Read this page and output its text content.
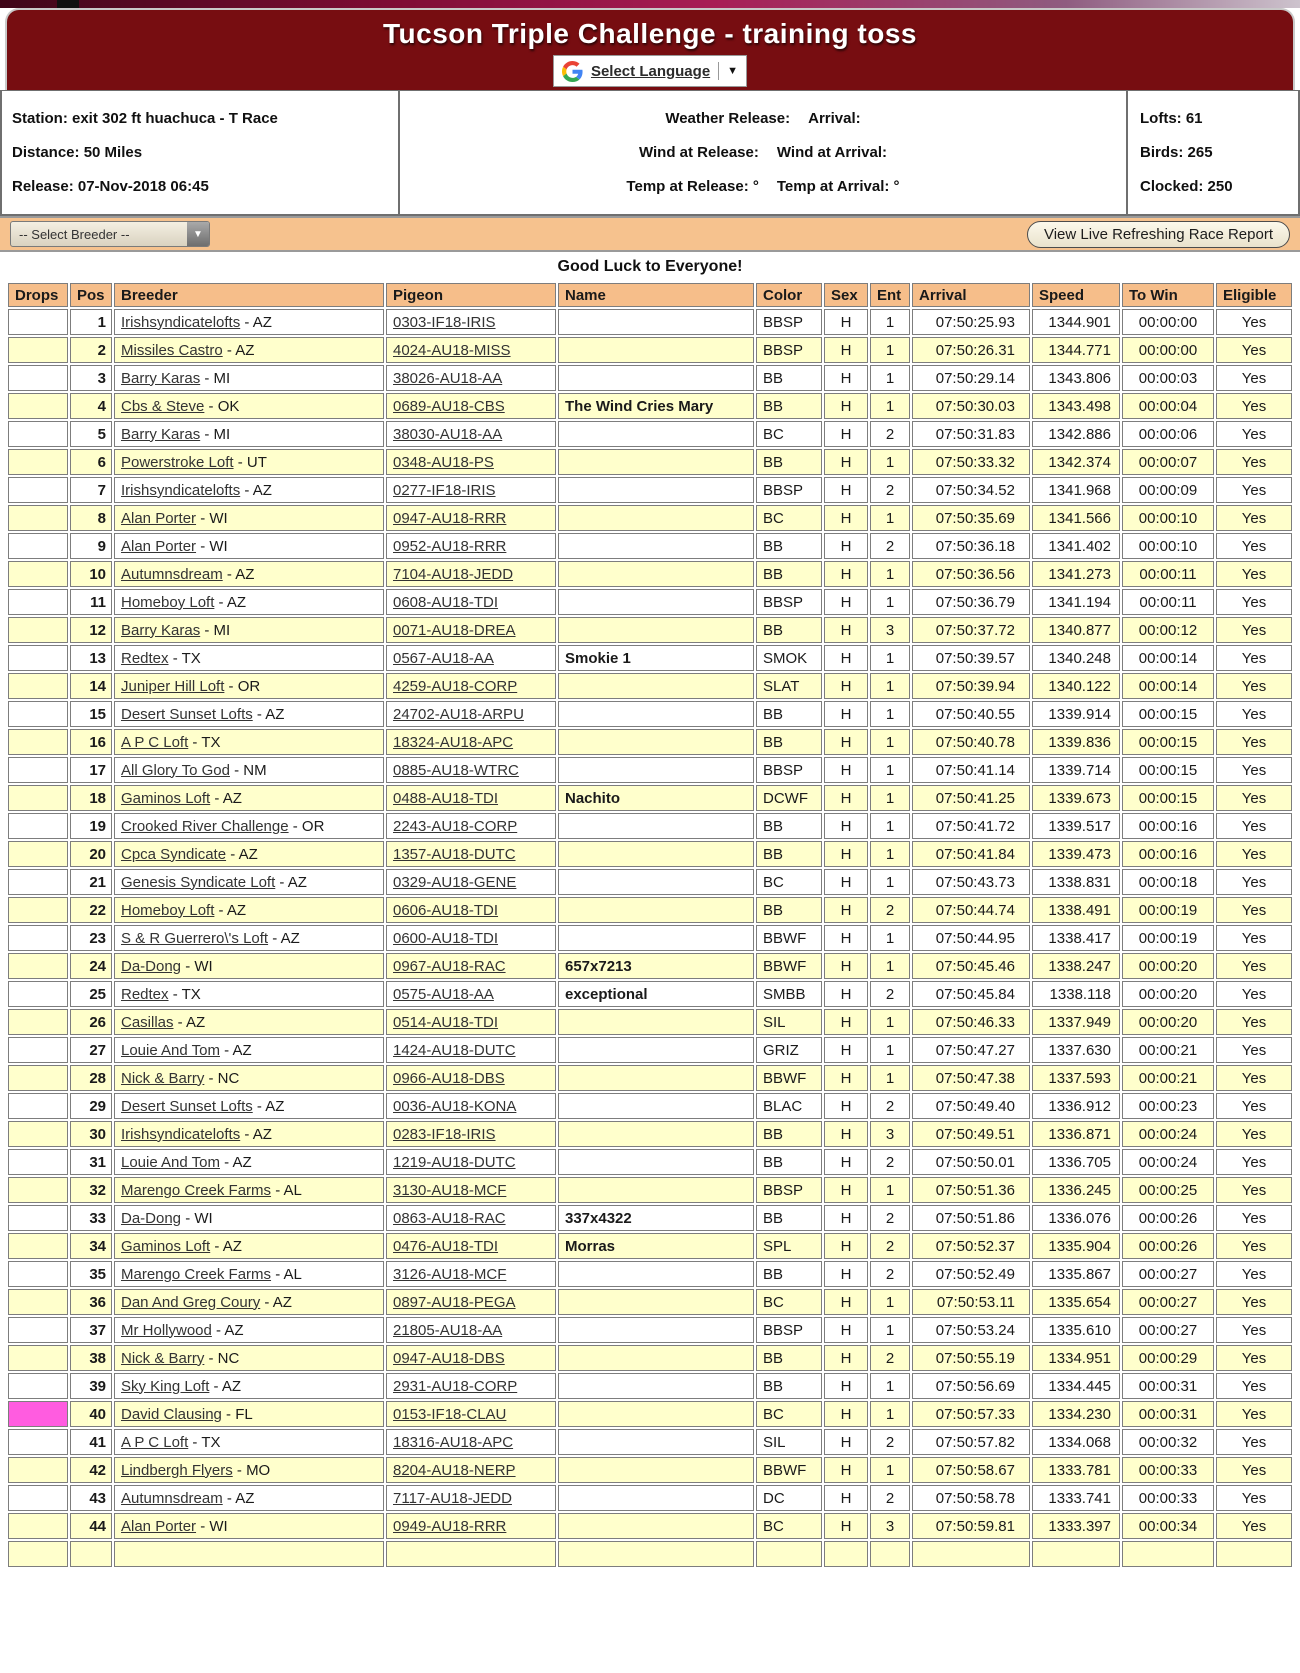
Tucson Triple Challenge - training toss
Select Language ▼
Station: exit 302 ft huachuca - T Race
Distance: 50 Miles
Release: 07-Nov-2018 06:45
Weather Release: Arrival:
Wind at Release: Wind at Arrival:
Temp at Release: ° Temp at Arrival: °
Lofts: 61
Birds: 265
Clocked: 250
-- Select Breeder --	▼	View Live Refreshing Race Report
Good Luck to Everyone!
Drops	Pos	Breeder	Pigeon	Name	Color	Sex	Ent	Arrival	Speed	To Win	Eligible
	1	Irishsyndicatelofts - AZ	0303-IF18-IRIS		BBSP	H	1	07:50:25.93	1344.901	00:00:00	Yes
	2	Missiles Castro - AZ	4024-AU18-MISS		BBSP	H	1	07:50:26.31	1344.771	00:00:00	Yes
	3	Barry Karas - MI	38026-AU18-AA		BB	H	1	07:50:29.14	1343.806	00:00:03	Yes
	4	Cbs & Steve - OK	0689-AU18-CBS	The Wind Cries Mary	BB	H	1	07:50:30.03	1343.498	00:00:04	Yes
	5	Barry Karas - MI	38030-AU18-AA		BC	H	2	07:50:31.83	1342.886	00:00:06	Yes
	6	Powerstroke Loft - UT	0348-AU18-PS		BB	H	1	07:50:33.32	1342.374	00:00:07	Yes
	7	Irishsyndicatelofts - AZ	0277-IF18-IRIS		BBSP	H	2	07:50:34.52	1341.968	00:00:09	Yes
	8	Alan Porter - WI	0947-AU18-RRR		BC	H	1	07:50:35.69	1341.566	00:00:10	Yes
	9	Alan Porter - WI	0952-AU18-RRR		BB	H	2	07:50:36.18	1341.402	00:00:10	Yes
	10	Autumnsdream - AZ	7104-AU18-JEDD		BB	H	1	07:50:36.56	1341.273	00:00:11	Yes
	11	Homeboy Loft - AZ	0608-AU18-TDI		BBSP	H	1	07:50:36.79	1341.194	00:00:11	Yes
	12	Barry Karas - MI	0071-AU18-DREA		BB	H	3	07:50:37.72	1340.877	00:00:12	Yes
	13	Redtex - TX	0567-AU18-AA	Smokie 1	SMOK	H	1	07:50:39.57	1340.248	00:00:14	Yes
	14	Juniper Hill Loft - OR	4259-AU18-CORP		SLAT	H	1	07:50:39.94	1340.122	00:00:14	Yes
	15	Desert Sunset Lofts - AZ	24702-AU18-ARPU		BB	H	1	07:50:40.55	1339.914	00:00:15	Yes
	16	A P C Loft - TX	18324-AU18-APC		BB	H	1	07:50:40.78	1339.836	00:00:15	Yes
	17	All Glory To God - NM	0885-AU18-WTRC		BBSP	H	1	07:50:41.14	1339.714	00:00:15	Yes
	18	Gaminos Loft - AZ	0488-AU18-TDI	Nachito	DCWF	H	1	07:50:41.25	1339.673	00:00:15	Yes
	19	Crooked River Challenge - OR	2243-AU18-CORP		BB	H	1	07:50:41.72	1339.517	00:00:16	Yes
	20	Cpca Syndicate - AZ	1357-AU18-DUTC		BB	H	1	07:50:41.84	1339.473	00:00:16	Yes
	21	Genesis Syndicate Loft - AZ	0329-AU18-GENE		BC	H	1	07:50:43.73	1338.831	00:00:18	Yes
	22	Homeboy Loft - AZ	0606-AU18-TDI		BB	H	2	07:50:44.74	1338.491	00:00:19	Yes
	23	S & R Guerrero\'s Loft - AZ	0600-AU18-TDI		BBWF	H	1	07:50:44.95	1338.417	00:00:19	Yes
	24	Da-Dong - WI	0967-AU18-RAC	657x7213	BBWF	H	1	07:50:45.46	1338.247	00:00:20	Yes
	25	Redtex - TX	0575-AU18-AA	exceptional	SMBB	H	2	07:50:45.84	1338.118	00:00:20	Yes
	26	Casillas - AZ	0514-AU18-TDI		SIL	H	1	07:50:46.33	1337.949	00:00:20	Yes
	27	Louie And Tom - AZ	1424-AU18-DUTC		GRIZ	H	1	07:50:47.27	1337.630	00:00:21	Yes
	28	Nick & Barry - NC	0966-AU18-DBS		BBWF	H	1	07:50:47.38	1337.593	00:00:21	Yes
	29	Desert Sunset Lofts - AZ	0036-AU18-KONA		BLAC	H	2	07:50:49.40	1336.912	00:00:23	Yes
	30	Irishsyndicatelofts - AZ	0283-IF18-IRIS		BB	H	3	07:50:49.51	1336.871	00:00:24	Yes
	31	Louie And Tom - AZ	1219-AU18-DUTC		BB	H	2	07:50:50.01	1336.705	00:00:24	Yes
	32	Marengo Creek Farms - AL	3130-AU18-MCF		BBSP	H	1	07:50:51.36	1336.245	00:00:25	Yes
	33	Da-Dong - WI	0863-AU18-RAC	337x4322	BB	H	2	07:50:51.86	1336.076	00:00:26	Yes
	34	Gaminos Loft - AZ	0476-AU18-TDI	Morras	SPL	H	2	07:50:52.37	1335.904	00:00:26	Yes
	35	Marengo Creek Farms - AL	3126-AU18-MCF		BB	H	2	07:50:52.49	1335.867	00:00:27	Yes
	36	Dan And Greg Coury - AZ	0897-AU18-PEGA		BC	H	1	07:50:53.11	1335.654	00:00:27	Yes
	37	Mr Hollywood - AZ	21805-AU18-AA		BBSP	H	1	07:50:53.24	1335.610	00:00:27	Yes
	38	Nick & Barry - NC	0947-AU18-DBS		BB	H	2	07:50:55.19	1334.951	00:00:29	Yes
	39	Sky King Loft - AZ	2931-AU18-CORP		BB	H	1	07:50:56.69	1334.445	00:00:31	Yes
	40	David Clausing - FL	0153-IF18-CLAU		BC	H	1	07:50:57.33	1334.230	00:00:31	Yes
	41	A P C Loft - TX	18316-AU18-APC		SIL	H	2	07:50:57.82	1334.068	00:00:32	Yes
	42	Lindbergh Flyers - MO	8204-AU18-NERP		BBWF	H	1	07:50:58.67	1333.781	00:00:33	Yes
	43	Autumnsdream - AZ	7117-AU18-JEDD		DC	H	2	07:50:58.78	1333.741	00:00:33	Yes
	44	Alan Porter - WI	0949-AU18-RRR		BC	H	3	07:50:59.81	1333.397	00:00:34	Yes
